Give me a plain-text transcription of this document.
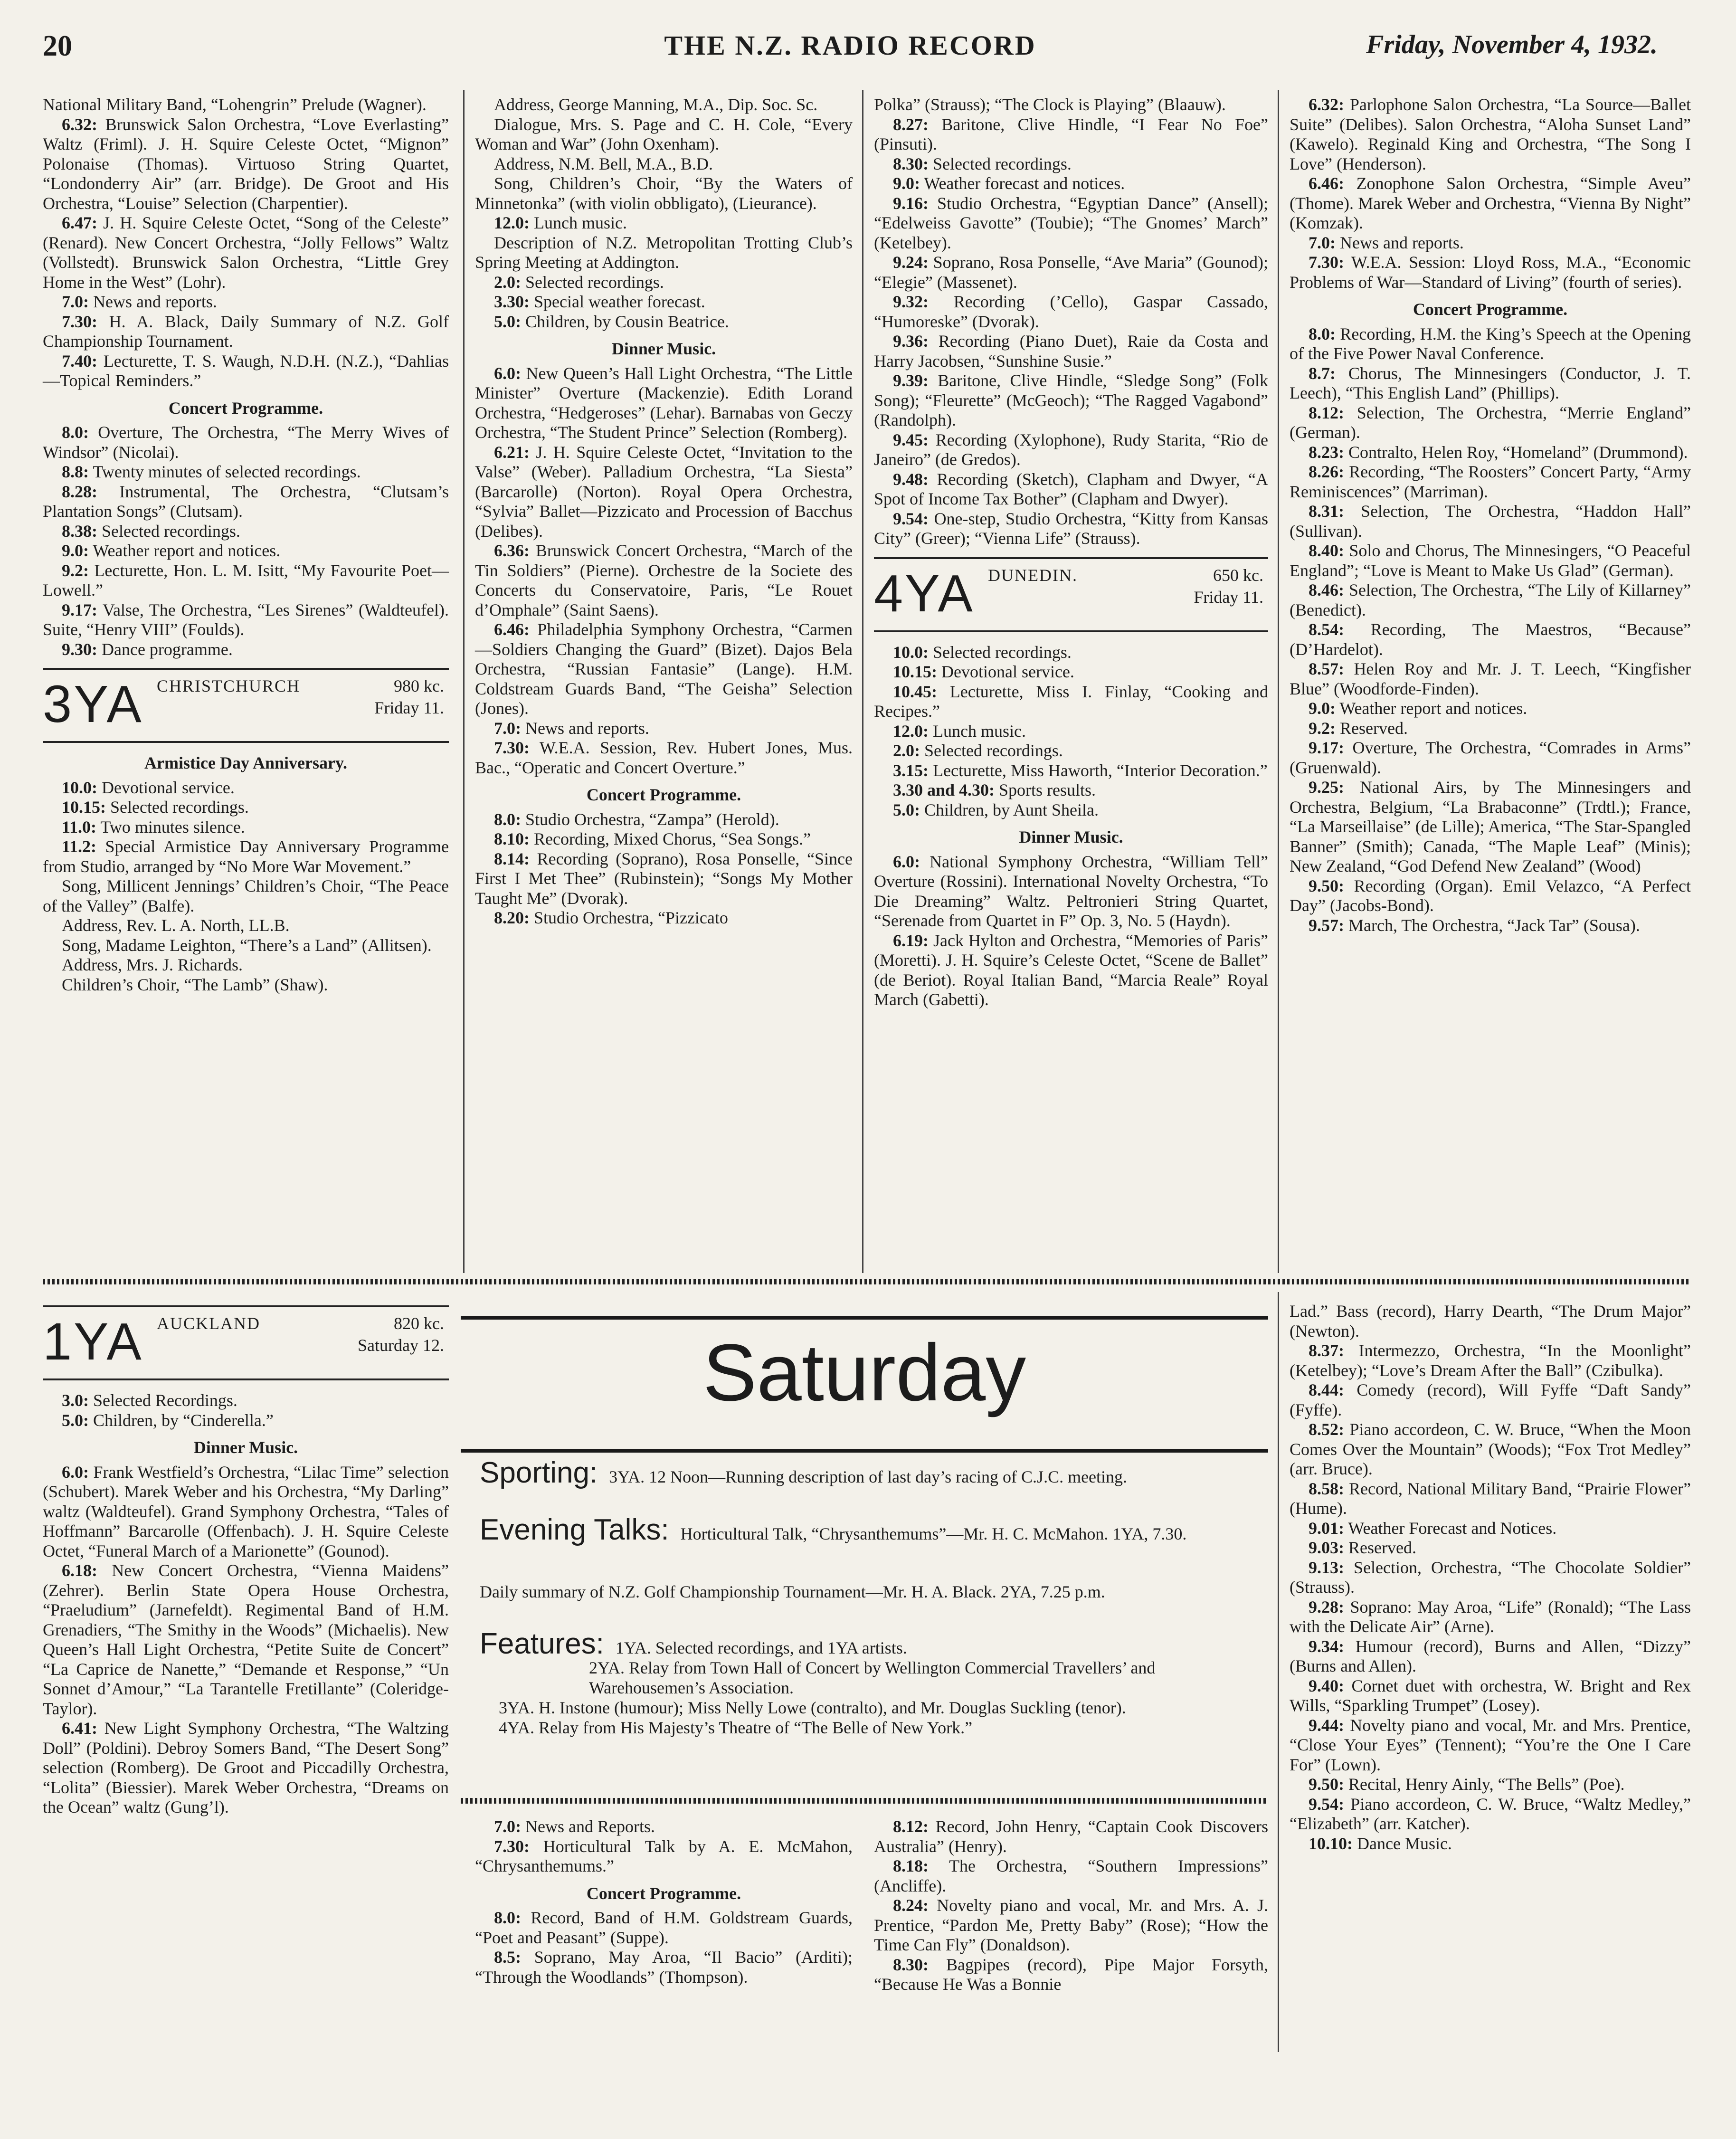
20	THE N.Z. RADIO RECORD	Friday, November 4, 1932.

National Military Band, “Lohengrin” Prelude (Wagner).

6.32: Brunswick Salon Orchestra, “Love Everlasting” Waltz (Friml). J. H. Squire Celeste Octet, “Mignon” Polonaise (Thomas). Virtuoso String Quartet, “Londonderry Air” (arr. Bridge). De Groot and His Orchestra, “Louise” Selection (Charpentier).

6.47: J. H. Squire Celeste Octet, “Song of the Celeste” (Renard). New Concert Orchestra, “Jolly Fellows” Waltz (Vollstedt). Brunswick Salon Orchestra, “Little Grey Home in the West” (Lohr).

7.0: News and reports.

7.30: H. A. Black, Daily Summary of N.Z. Golf Championship Tournament.

7.40: Lecturette, T. S. Waugh, N.D.H. (N.Z.), “Dahlias—Topical Reminders.”

Concert Programme.

8.0: Overture, The Orchestra, “The Merry Wives of Windsor” (Nicolai).

8.8: Twenty minutes of selected recordings.

8.28: Instrumental, The Orchestra, “Clutsam’s Plantation Songs” (Clutsam).

8.38: Selected recordings.

9.0: Weather report and notices.

9.2: Lecturette, Hon. L. M. Isitt, “My Favourite Poet—Lowell.”

9.17: Valse, The Orchestra, “Les Sirenes” (Waldteufel). Suite, “Henry VIII” (Foulds).

9.30: Dance programme.

3YA CHRISTCHURCH	980 kc.
Friday 11.
Armistice Day Anniversary.

10.0: Devotional service.

10.15: Selected recordings.

11.0: Two minutes silence.

11.2: Special Armistice Day Anniversary Programme from Studio, arranged by “No More War Movement.”

Song, Millicent Jennings’ Children’s Choir, “The Peace of the Valley” (Balfe).

Address, Rev. L. A. North, LL.B.

Song, Madame Leighton, “There’s a Land” (Allitsen).

Address, Mrs. J. Richards.

Children’s Choir, “The Lamb” (Shaw).

Address, George Manning, M.A., Dip. Soc. Sc.

Dialogue, Mrs. S. Page and C. H. Cole, “Every Woman and War” (John Oxenham).

Address, N.M. Bell, M.A., B.D.

Song, Children’s Choir, “By the Waters of Minnetonka” (with violin obbligato), (Lieurance).

12.0: Lunch music.

Description of N.Z. Metropolitan Trotting Club’s Spring Meeting at Addington.

2.0: Selected recordings.

3.30: Special weather forecast.

5.0: Children, by Cousin Beatrice.

Dinner Music.

6.0: New Queen’s Hall Light Orchestra, “The Little Minister” Overture (Mackenzie). Edith Lorand Orchestra, “Hedgeroses” (Lehar). Barnabas von Geczy Orchestra, “The Student Prince” Selection (Romberg).

6.21: J. H. Squire Celeste Octet, “Invitation to the Valse” (Weber). Palladium Orchestra, “La Siesta” (Barcarolle) (Norton). Royal Opera Orchestra, “Sylvia” Ballet—Pizzicato and Procession of Bacchus (Delibes).

6.36: Brunswick Concert Orchestra, “March of the Tin Soldiers” (Pierne). Orchestre de la Societe des Concerts du Conservatoire, Paris, “Le Rouet d’Omphale” (Saint Saens).

6.46: Philadelphia Symphony Orchestra, “Carmen—Soldiers Changing the Guard” (Bizet). Dajos Bela Orchestra, “Russian Fantasie” (Lange). H.M. Coldstream Guards Band, “The Geisha” Selection (Jones).

7.0: News and reports.

7.30: W.E.A. Session, Rev. Hubert Jones, Mus. Bac., “Operatic and Concert Overture.”

Concert Programme.

8.0: Studio Orchestra, “Zampa” (Herold).

8.10: Recording, Mixed Chorus, “Sea Songs.”

8.14: Recording (Soprano), Rosa Ponselle, “Since First I Met Thee” (Rubinstein); “Songs My Mother Taught Me” (Dvorak).

8.20: Studio Orchestra, “Pizzicato

Polka” (Strauss); “The Clock is Playing” (Blaauw).

8.27: Baritone, Clive Hindle, “I Fear No Foe” (Pinsuti).

8.30: Selected recordings.

9.0: Weather forecast and notices.

9.16: Studio Orchestra, “Egyptian Dance” (Ansell); “Edelweiss Gavotte” (Toubie); “The Gnomes’ March” (Ketelbey).

9.24: Soprano, Rosa Ponselle, “Ave Maria” (Gounod); “Elegie” (Massenet).

9.32: Recording (’Cello), Gaspar Cassado, “Humoreske” (Dvorak).

9.36: Recording (Piano Duet), Raie da Costa and Harry Jacobsen, “Sunshine Susie.”

9.39: Baritone, Clive Hindle, “Sledge Song” (Folk Song); “Fleurette” (McGeoch); “The Ragged Vagabond” (Randolph).

9.45: Recording (Xylophone), Rudy Starita, “Rio de Janeiro” (de Gredos).

9.48: Recording (Sketch), Clapham and Dwyer, “A Spot of Income Tax Bother” (Clapham and Dwyer).

9.54: One-step, Studio Orchestra, “Kitty from Kansas City” (Greer); “Vienna Life” (Strauss).

4YA DUNEDIN.	650 kc.
Friday 11.

10.0: Selected recordings.

10.15: Devotional service.

10.45: Lecturette, Miss I. Finlay, “Cooking and Recipes.”

12.0: Lunch music.

2.0: Selected recordings.

3.15: Lecturette, Miss Haworth, “Interior Decoration.”

3.30 and 4.30: Sports results.

5.0: Children, by Aunt Sheila.

Dinner Music.

6.0: National Symphony Orchestra, “William Tell” Overture (Rossini). International Novelty Orchestra, “To Die Dreaming” Waltz. Peltronieri String Quartet, “Serenade from Quartet in F” Op. 3, No. 5 (Haydn).

6.19: Jack Hylton and Orchestra, “Memories of Paris” (Moretti). J. H. Squire’s Celeste Octet, “Scene de Ballet” (de Beriot). Royal Italian Band, “Marcia Reale” Royal March (Gabetti).

6.32: Parlophone Salon Orchestra, “La Source—Ballet Suite” (Delibes). Salon Orchestra, “Aloha Sunset Land” (Kawelo). Reginald King and Orchestra, “The Song I Love” (Henderson).

6.46: Zonophone Salon Orchestra, “Simple Aveu” (Thome). Marek Weber and Orchestra, “Vienna By Night” (Komzak).

7.0: News and reports.

7.30: W.E.A. Session: Lloyd Ross, M.A., “Economic Problems of War—Standard of Living” (fourth of series).

Concert Programme.

8.0: Recording, H.M. the King’s Speech at the Opening of the Five Power Naval Conference.

8.7: Chorus, The Minnesingers (Conductor, J. T. Leech), “This English Land” (Phillips).

8.12: Selection, The Orchestra, “Merrie England” (German).

8.23: Contralto, Helen Roy, “Homeland” (Drummond).

8.26: Recording, “The Roosters” Concert Party, “Army Reminiscences” (Marriman).

8.31: Selection, The Orchestra, “Haddon Hall” (Sullivan).

8.40: Solo and Chorus, The Minnesingers, “O Peaceful England”; “Love is Meant to Make Us Glad” (German).

8.46: Selection, The Orchestra, “The Lily of Killarney” (Benedict).

8.54: Recording, The Maestros, “Because” (D’Hardelot).

8.57: Helen Roy and Mr. J. T. Leech, “Kingfisher Blue” (Woodforde-Finden).

9.0: Weather report and notices.

9.2: Reserved.

9.17: Overture, The Orchestra, “Comrades in Arms” (Gruenwald).

9.25: National Airs, by The Minnesingers and Orchestra, Belgium, “La Brabaconne” (Trdtl.); France, “La Marseillaise” (de Lille); America, “The Star-Spangled Banner” (Smith); Canada, “The Maple Leaf” (Minis); New Zealand, “God Defend New Zealand” (Wood)

9.50: Recording (Organ). Emil Velazco, “A Perfect Day” (Jacobs-Bond).

9.57: March, The Orchestra, “Jack Tar” (Sousa).

1YA AUCKLAND	820 kc.
Saturday 12.

3.0: Selected Recordings.

5.0: Children, by “Cinderella.”

Dinner Music.

6.0: Frank Westfield’s Orchestra, “Lilac Time” selection (Schubert). Marek Weber and his Orchestra, “My Darling” waltz (Waldteufel). Grand Symphony Orchestra, “Tales of Hoffmann” Barcarolle (Offenbach). J. H. Squire Celeste Octet, “Funeral March of a Marionette” (Gounod).

6.18: New Concert Orchestra, “Vienna Maidens” (Zehrer). Berlin State Opera House Orchestra, “Praeludium” (Jarnefeldt). Regimental Band of H.M. Grenadiers, “The Smithy in the Woods” (Michaelis). New Queen’s Hall Light Orchestra, “Petite Suite de Concert” “La Caprice de Nanette,” “Demande et Response,” “Un Sonnet d’Amour,” “La Tarantelle Fretillante” (Coleridge-Taylor).

6.41: New Light Symphony Orchestra, “The Waltzing Doll” (Poldini). Debroy Somers Band, “The Desert Song” selection (Romberg). De Groot and Piccadilly Orchestra, “Lolita” (Biessier). Marek Weber Orchestra, “Dreams on the Ocean” waltz (Gung’l).

Saturday
Sporting: 3YA. 12 Noon—Running description of last day’s racing of C.J.C. meeting.
Evening Talks: Horticultural Talk, “Chrysanthemums”—Mr. H. C. McMahon. 1YA, 7.30.
Daily summary of N.Z. Golf Championship Tournament—Mr. H. A. Black. 2YA, 7.25 p.m.
Features: 1YA. Selected recordings, and 1YA artists.

2YA. Relay from Town Hall of Concert by Wellington Commercial Travellers’ and Warehousemen’s Association.
3YA. H. Instone (humour); Miss Nelly Lowe (contralto), and Mr. Douglas Suckling (tenor).
4YA. Relay from His Majesty’s Theatre of “The Belle of New York.”

7.0: News and Reports.

7.30: Horticultural Talk by A. E. McMahon, “Chrysanthemums.”

Concert Programme.

8.0: Record, Band of H.M. Goldstream Guards, “Poet and Peasant” (Suppe).

8.5: Soprano, May Aroa, “Il Bacio” (Arditi); “Through the Woodlands” (Thompson).

8.12: Record, John Henry, “Captain Cook Discovers Australia” (Henry).

8.18: The Orchestra, “Southern Impressions” (Ancliffe).

8.24: Novelty piano and vocal, Mr. and Mrs. A. J. Prentice, “Pardon Me, Pretty Baby” (Rose); “How the Time Can Fly” (Donaldson).

8.30: Bagpipes (record), Pipe Major Forsyth, “Because He Was a Bonnie

Lad.” Bass (record), Harry Dearth, “The Drum Major” (Newton).

8.37: Intermezzo, Orchestra, “In the Moonlight” (Ketelbey); “Love’s Dream After the Ball” (Czibulka).

8.44: Comedy (record), Will Fyffe “Daft Sandy” (Fyffe).

8.52: Piano accordeon, C. W. Bruce, “When the Moon Comes Over the Mountain” (Woods); “Fox Trot Medley” (arr. Bruce).

8.58: Record, National Military Band, “Prairie Flower” (Hume).

9.01: Weather Forecast and Notices.

9.03: Reserved.

9.13: Selection, Orchestra, “The Chocolate Soldier” (Strauss).

9.28: Soprano: May Aroa, “Life” (Ronald); “The Lass with the Delicate Air” (Arne).

9.34: Humour (record), Burns and Allen, “Dizzy” (Burns and Allen).

9.40: Cornet duet with orchestra, W. Bright and Rex Wills, “Sparkling Trumpet” (Losey).

9.44: Novelty piano and vocal, Mr. and Mrs. Prentice, “Close Your Eyes” (Tennent); “You’re the One I Care For” (Lown).

9.50: Recital, Henry Ainly, “The Bells” (Poe).

9.54: Piano accordeon, C. W. Bruce, “Waltz Medley,” “Elizabeth” (arr. Katcher).

10.10: Dance Music.
